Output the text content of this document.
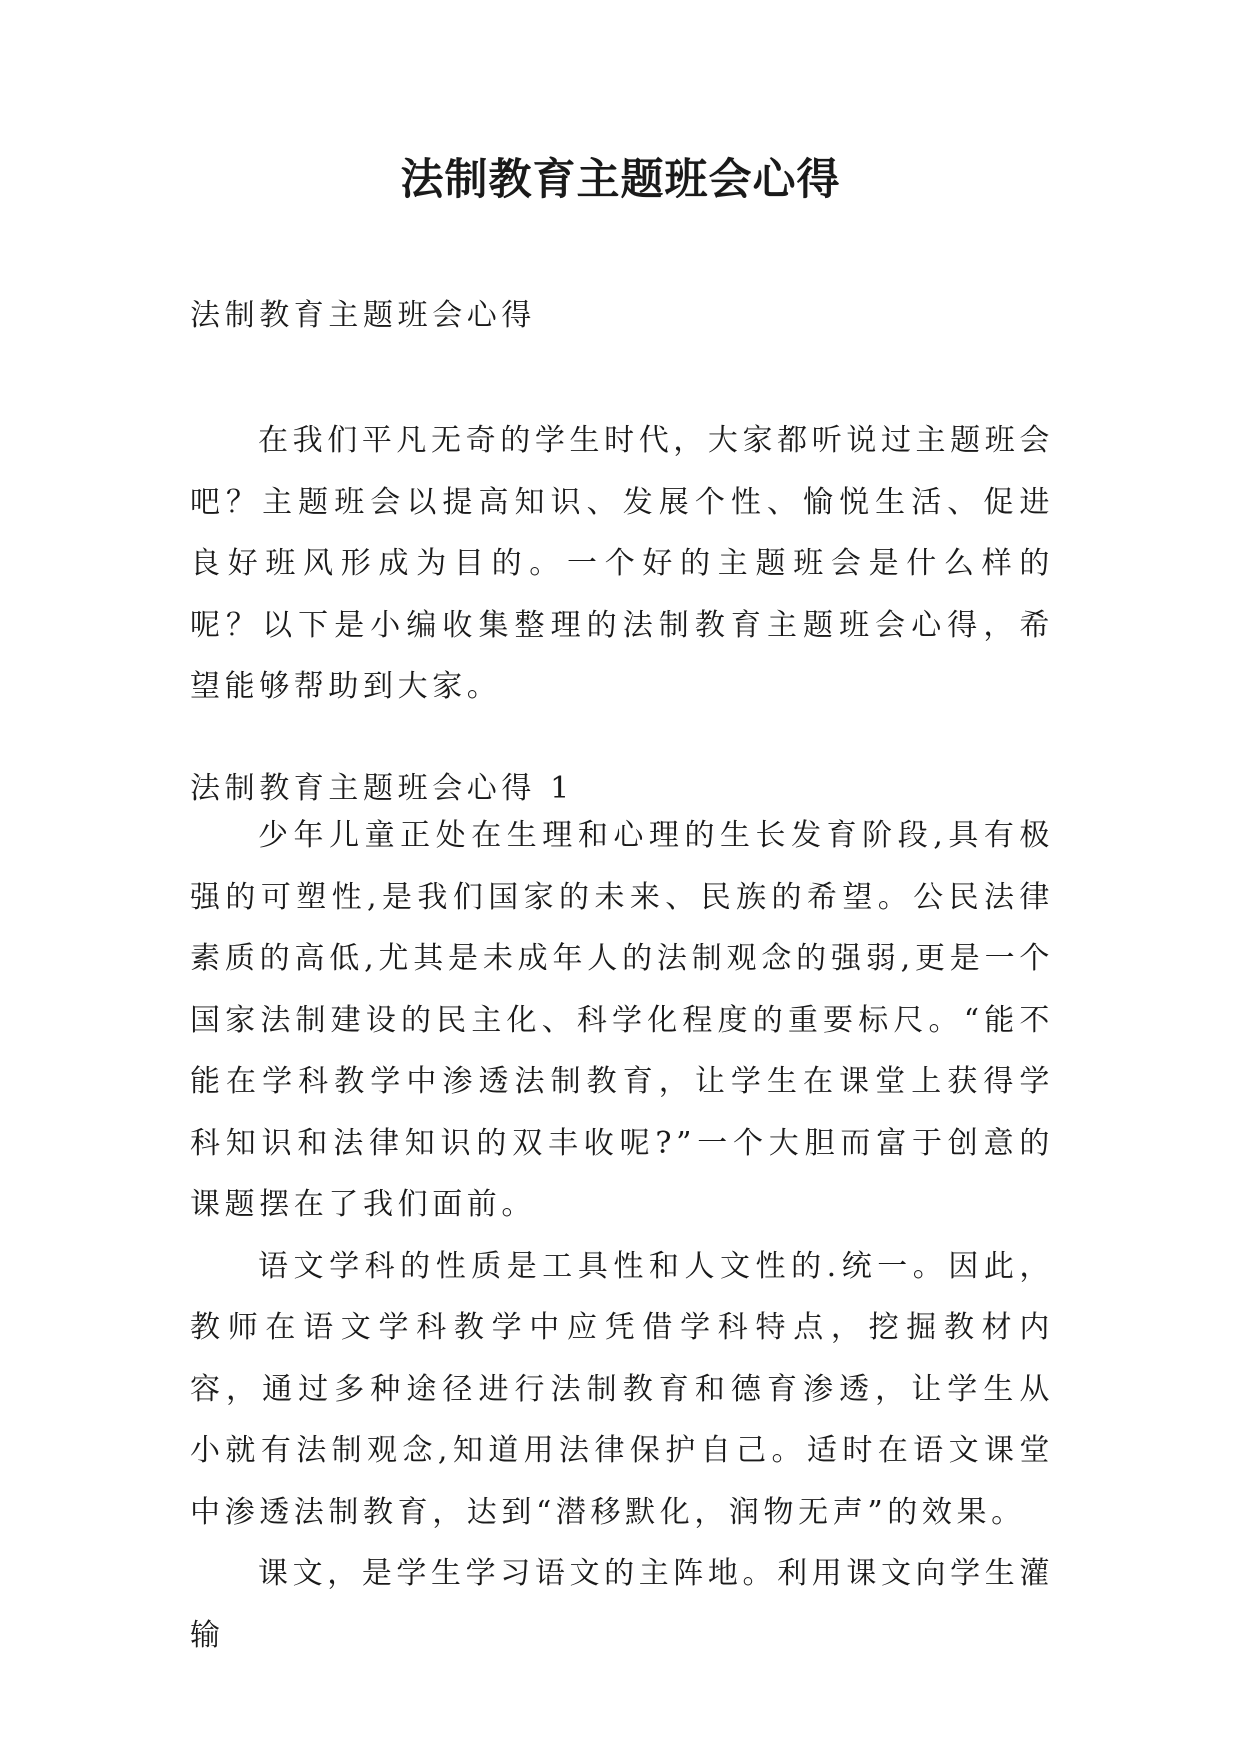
法制教育主题班会心得

法制教育主题班会心得

在我们平凡无奇的学生时代，大家都听说过主题班会吧？主题班会以提高知识、发展个性、愉悦生活、促进良好班风形成为目的。一个好的主题班会是什么样的呢？以下是小编收集整理的法制教育主题班会心得，希望能够帮助到大家。

法制教育主题班会心得 1

少年儿童正处在生理和心理的生长发育阶段,具有极强的可塑性,是我们国家的未来、民族的希望。公民法律素质的高低,尤其是未成年人的法制观念的强弱,更是一个国家法制建设的民主化、科学化程度的重要标尺。“能不能在学科教学中渗透法制教育，让学生在课堂上获得学科知识和法律知识的双丰收呢?”一个大胆而富于创意的课题摆在了我们面前。

语文学科的性质是工具性和人文性的.统一。因此，教师在语文学科教学中应凭借学科特点，挖掘教材内容，通过多种途径进行法制教育和德育渗透，让学生从小就有法制观念,知道用法律保护自己。适时在语文课堂中渗透法制教育，达到“潜移默化，润物无声”的效果。

课文，是学生学习语文的主阵地。利用课文向学生灌输
